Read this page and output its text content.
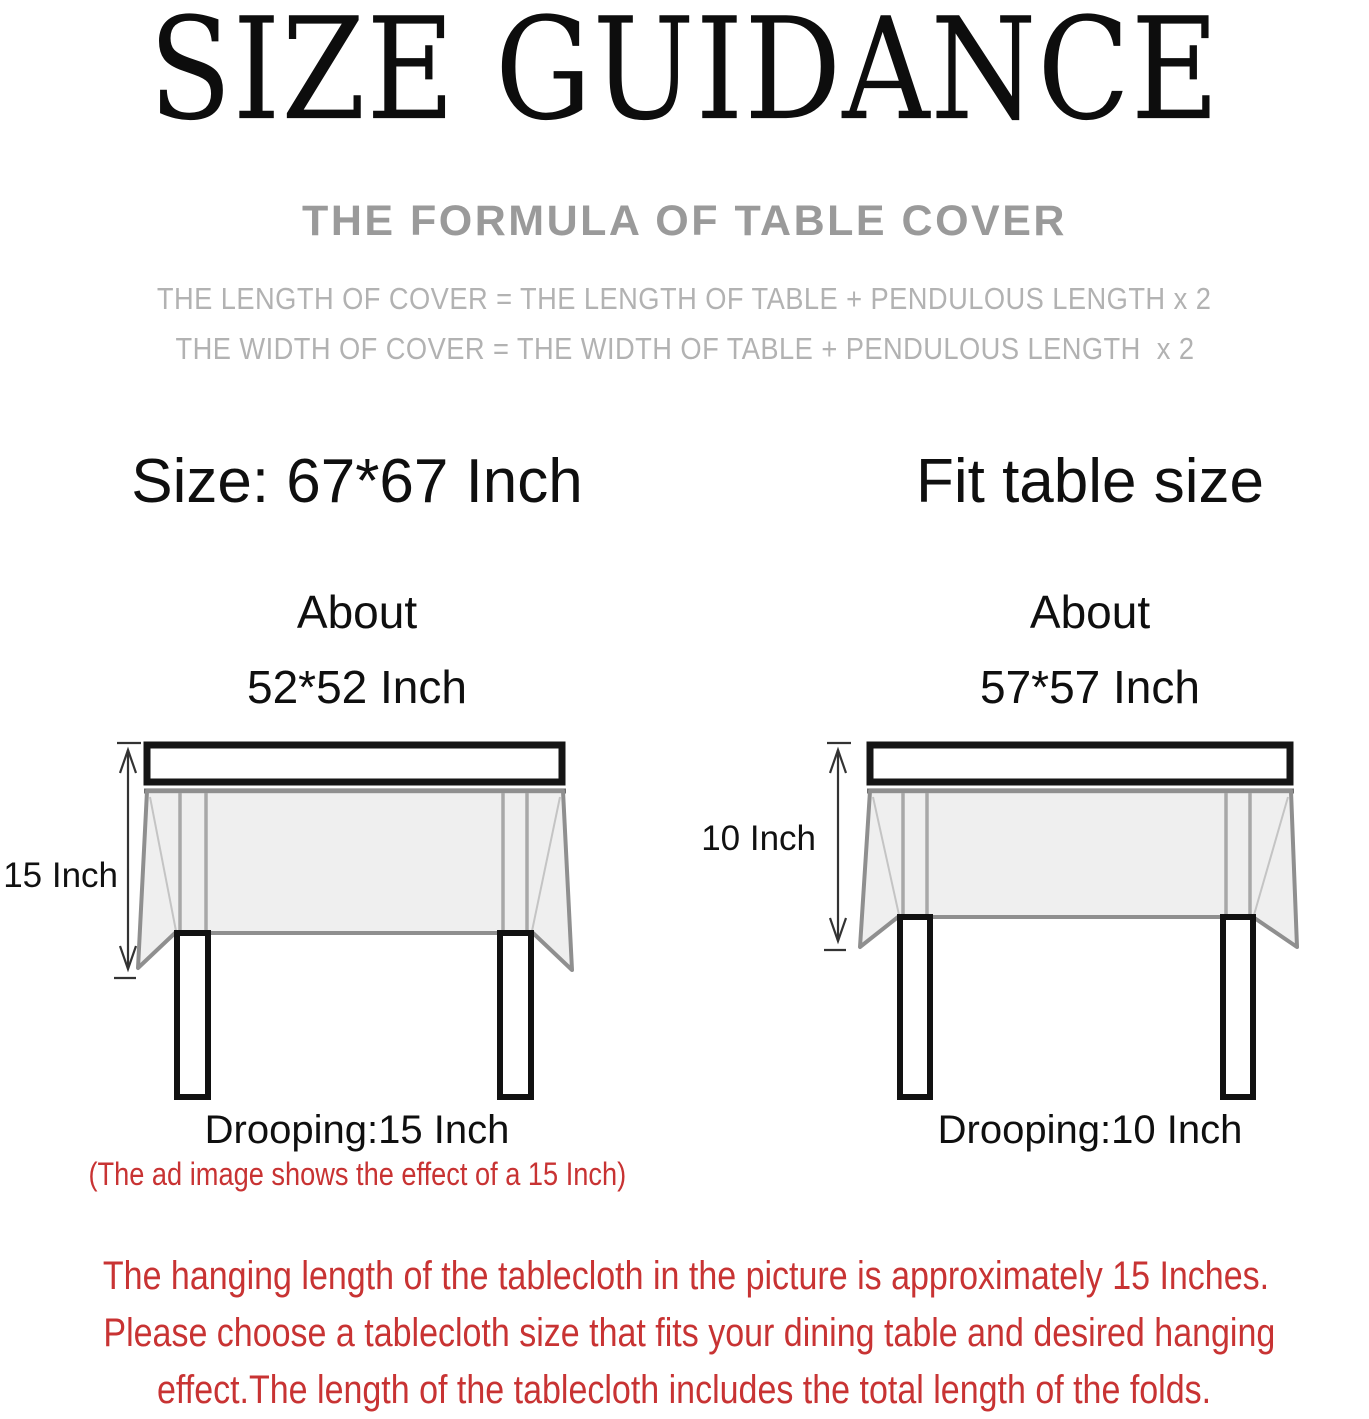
SIZE GUIDANCE
THE FORMULA OF TABLE COVER
THE LENGTH OF COVER = THE LENGTH OF TABLE + PENDULOUS LENGTH x 2
THE WIDTH OF COVER = THE WIDTH OF TABLE + PENDULOUS LENGTH  x 2
Size: 67*67 Inch	Fit table size
About	About
52*52 Inch	57*57 Inch
15 Inch
10 Inch
Drooping:15 Inch	Drooping:10 Inch
(The ad image shows the effect of a 15 Inch)
The hanging length of the tablecloth in the picture is approximately 15 Inches.
Please choose a tablecloth size that fits your dining table and desired hanging
effect.The length of the tablecloth includes the total length of the folds.
